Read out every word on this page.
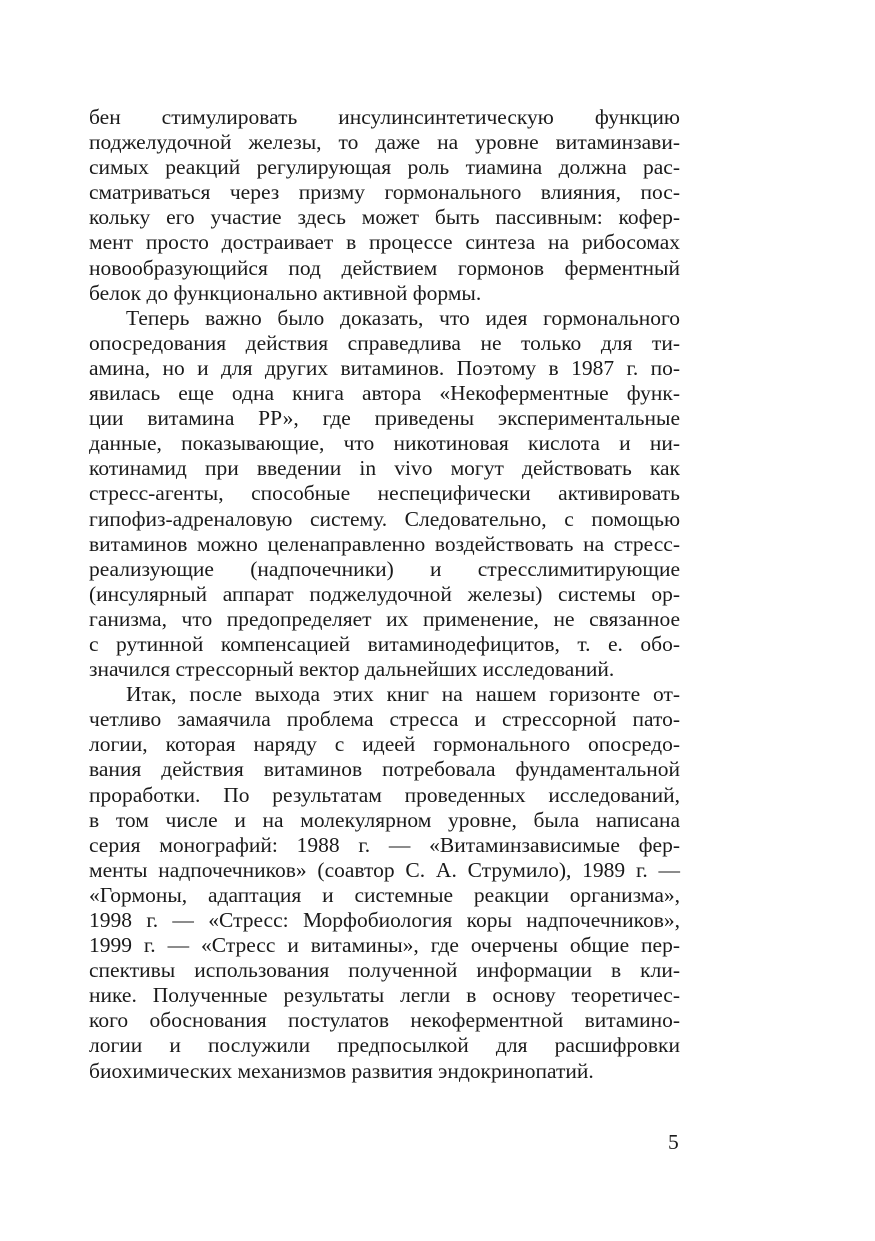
бен стимулировать инсулинсинтетическую функцию
поджелудочной железы, то даже на уровне витаминзави-
симых реакций регулирующая роль тиамина должна рас-
сматриваться через призму гормонального влияния, пос-
кольку его участие здесь может быть пассивным: кофер-
мент просто достраивает в процессе синтеза на рибосомах
новообразующийся под действием гормонов ферментный
белок до функционально активной формы.
Теперь важно было доказать, что идея гормонального
опосредования действия справедлива не только для ти-
амина, но и для других витаминов. Поэтому в 1987 г. по-
явилась еще одна книга автора «Некоферментные функ-
ции витамина РР», где приведены экспериментальные
данные, показывающие, что никотиновая кислота и ни-
котинамид при введении in vivo могут действовать как
стресс-агенты, способные неспецифически активировать
гипофиз-адреналовую систему. Следовательно, с помощью
витаминов можно целенаправленно воздействовать на стресс-
реализующие (надпочечники) и стресслимитирующие
(инсулярный аппарат поджелудочной железы) системы ор-
ганизма, что предопределяет их применение, не связанное
с рутинной компенсацией витаминодефицитов, т. е. обо-
значился стрессорный вектор дальнейших исследований.
Итак, после выхода этих книг на нашем горизонте от-
четливо замаячила проблема стресса и стрессорной пато-
логии, которая наряду с идеей гормонального опосредо-
вания действия витаминов потребовала фундаментальной
проработки. По результатам проведенных исследований,
в том числе и на молекулярном уровне, была написана
серия монографий: 1988 г. — «Витаминзависимые фер-
менты надпочечников» (соавтор С. А. Струмило), 1989 г. —
«Гормоны, адаптация и системные реакции организма»,
1998 г. — «Стресс: Морфобиология коры надпочечников»,
1999 г. — «Стресс и витамины», где очерчены общие пер-
спективы использования полученной информации в кли-
нике. Полученные результаты легли в основу теоретичес-
кого обоснования постулатов некоферментной витамино-
логии и послужили предпосылкой для расшифровки
биохимических механизмов развития эндокринопатий.
5
